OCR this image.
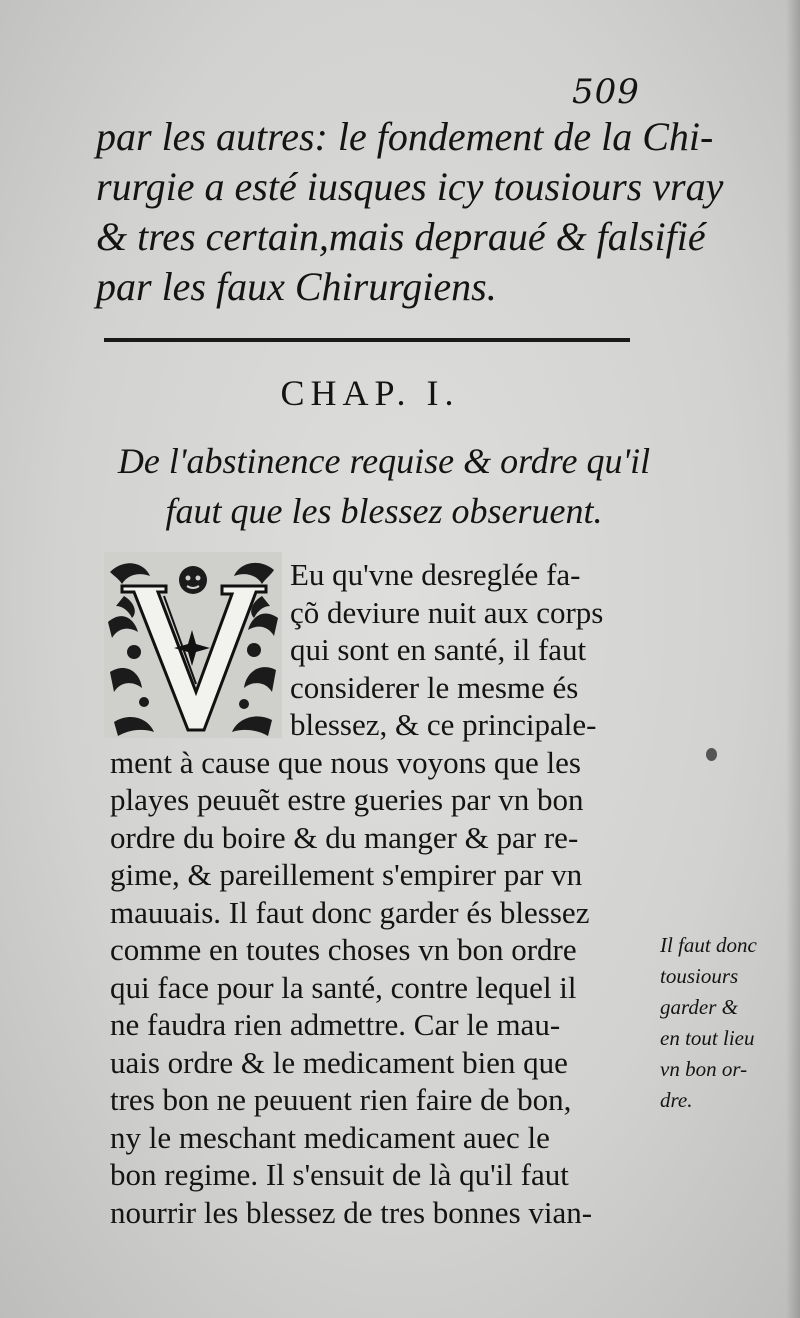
509
par les autres: le fondement de la Chi-
rurgie a esté iusques icy tousiours vray
& tres certain,mais depraué & falsifié
par les faux Chirurgiens.
CHAP. I.
De l'abstinence requise & ordre qu'il
faut que les blessez obseruent.
Eu qu'vne desreglée fa-
çõ deviure nuit aux corps
qui sont en santé, il faut
considerer le mesme és
blessez, & ce principale-
ment à cause que nous voyons que les
playes peuuẽt estre gueries par vn bon
ordre du boire & du manger & par re-
gime, & pareillement s'empirer par vn
mauuais. Il faut donc garder és blessez
comme en toutes choses vn bon ordre
qui face pour la santé, contre lequel il
ne faudra rien admettre. Car le mau-
uais ordre & le medicament bien que
tres bon ne peuuent rien faire de bon,
ny le meschant medicament auec le
bon regime. Il s'ensuit de là qu'il faut
nourrir les blessez de tres bonnes vian-
Il faut donc
tousiours
garder &
en tout lieu
vn bon or-
dre.
